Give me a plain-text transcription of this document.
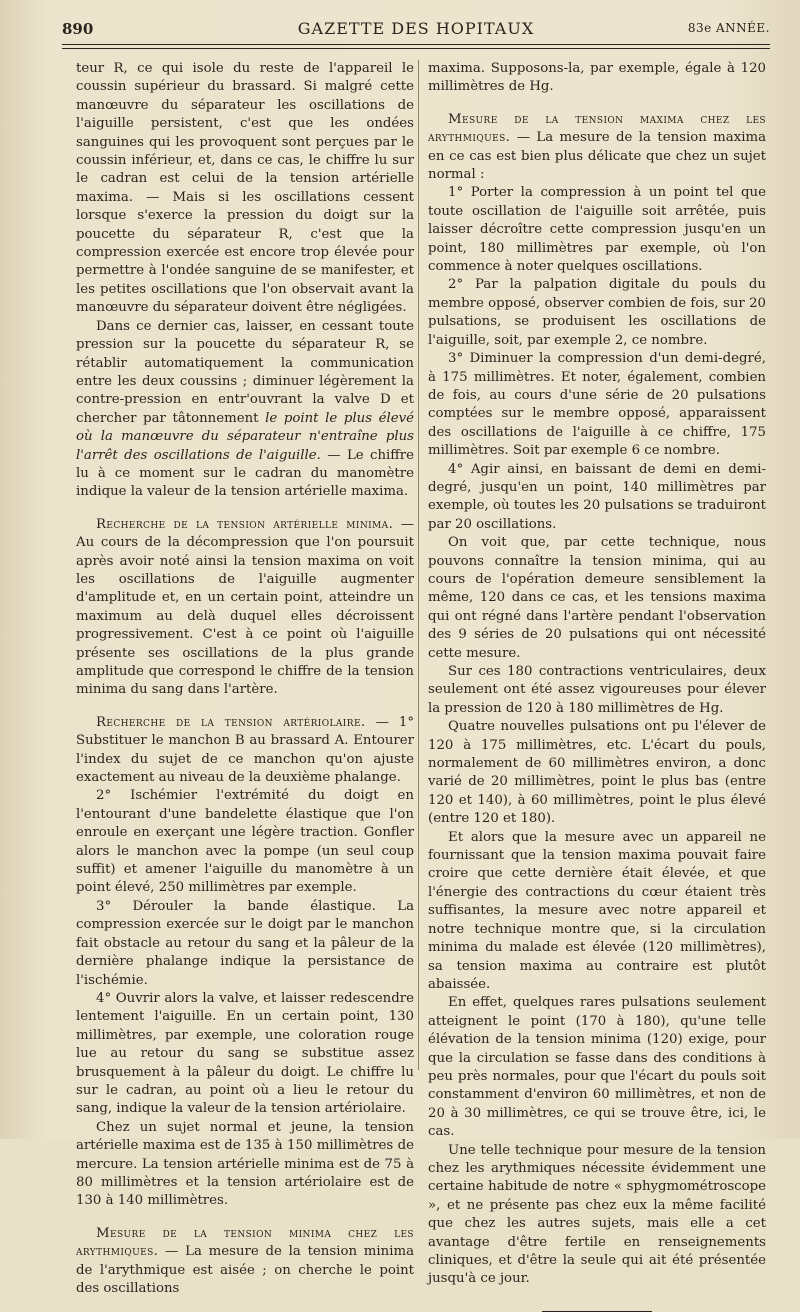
890	GAZETTE DES HOPITAUX	83e ANNÉE.

teur R, ce qui isole du reste de l'appareil le coussin supérieur du brassard. Si malgré cette manœuvre du séparateur les oscillations de l'aiguille persistent, c'est que les ondées sanguines qui les provoquent sont perçues par le coussin inférieur, et, dans ce cas, le chiffre lu sur le cadran est celui de la tension artérielle maxima. — Mais si les oscillations cessent lorsque s'exerce la pression du doigt sur la poucette du séparateur R, c'est que la compression exercée est encore trop élevée pour permettre à l'ondée sanguine de se manifester, et les petites oscillations que l'on observait avant la manœuvre du séparateur doivent être négligées.

Dans ce dernier cas, laisser, en cessant toute pression sur la poucette du séparateur R, se rétablir automatiquement la communication entre les deux coussins ; diminuer légèrement la contre-pression en entr'ouvrant la valve D et chercher par tâtonnement le point le plus élevé où la manœuvre du séparateur n'entraîne plus l'arrêt des oscillations de l'aiguille. — Le chiffre lu à ce moment sur le cadran du manomètre indique la valeur de la tension artérielle maxima.

Recherche de la tension artérielle minima. — Au cours de la décompression que l'on poursuit après avoir noté ainsi la tension maxima on voit les oscillations de l'aiguille augmenter d'amplitude et, en un certain point, atteindre un maximum au delà duquel elles décroissent progressivement. C'est à ce point où l'aiguille présente ses oscillations de la plus grande amplitude que correspond le chiffre de la tension minima du sang dans l'artère.

Recherche de la tension artériolaire. — 1° Substituer le manchon B au brassard A. Entourer l'index du sujet de ce manchon qu'on ajuste exactement au niveau de la deuxième phalange.

2° Ischémier l'extrémité du doigt en l'entourant d'une bandelette élastique que l'on enroule en exerçant une légère traction. Gonfler alors le manchon avec la pompe (un seul coup suffit) et amener l'aiguille du manomètre à un point élevé, 250 millimètres par exemple.

3° Dérouler la bande élastique. La compression exercée sur le doigt par le manchon fait obstacle au retour du sang et la pâleur de la dernière phalange indique la persistance de l'ischémie.

4° Ouvrir alors la valve, et laisser redescendre lentement l'aiguille. En un certain point, 130 millimètres, par exemple, une coloration rouge lue au retour du sang se substitue assez brusquement à la pâleur du doigt. Le chiffre lu sur le cadran, au point où a lieu le retour du sang, indique la valeur de la tension artériolaire.

Chez un sujet normal et jeune, la tension artérielle maxima est de 135 à 150 millimètres de mercure. La tension artérielle minima est de 75 à 80 millimètres et la tension artériolaire est de 130 à 140 millimètres.

Mesure de la tension minima chez les arythmiques. — La mesure de la tension minima de l'arythmique est aisée ; on cherche le point des oscillations

maxima. Supposons-la, par exemple, égale à 120 millimètres de Hg.

Mesure de la tension maxima chez les arythmiques. — La mesure de la tension maxima en ce cas est bien plus délicate que chez un sujet normal :

1° Porter la compression à un point tel que toute oscillation de l'aiguille soit arrêtée, puis laisser décroître cette compression jusqu'en un point, 180 millimètres par exemple, où l'on commence à noter quelques oscillations.

2° Par la palpation digitale du pouls du membre opposé, observer combien de fois, sur 20 pulsations, se produisent les oscillations de l'aiguille, soit, par exemple 2, ce nombre.

3° Diminuer la compression d'un demi-degré, à 175 millimètres. Et noter, également, combien de fois, au cours d'une série de 20 pulsations comptées sur le membre opposé, apparaissent des oscillations de l'aiguille à ce chiffre, 175 millimètres. Soit par exemple 6 ce nombre.

4° Agir ainsi, en baissant de demi en demi-degré, jusqu'en un point, 140 millimètres par exemple, où toutes les 20 pulsations se traduiront par 20 oscillations.

On voit que, par cette technique, nous pouvons connaître la tension minima, qui au cours de l'opération demeure sensiblement la même, 120 dans ce cas, et les tensions maxima qui ont régné dans l'artère pendant l'observation des 9 séries de 20 pulsations qui ont nécessité cette mesure.

Sur ces 180 contractions ventriculaires, deux seulement ont été assez vigoureuses pour élever la pression de 120 à 180 millimètres de Hg.

Quatre nouvelles pulsations ont pu l'élever de 120 à 175 millimètres, etc. L'écart du pouls, normalement de 60 millimètres environ, a donc varié de 20 millimètres, point le plus bas (entre 120 et 140), à 60 millimètres, point le plus élevé (entre 120 et 180).

Et alors que la mesure avec un appareil ne fournissant que la tension maxima pouvait faire croire que cette dernière était élevée, et que l'énergie des contractions du cœur étaient très suffisantes, la mesure avec notre appareil et notre technique montre que, si la circulation minima du malade est élevée (120 millimètres), sa tension maxima au contraire est plutôt abaissée.

En effet, quelques rares pulsations seulement atteignent le point (170 à 180), qu'une telle élévation de la tension minima (120) exige, pour que la circulation se fasse dans des conditions à peu près normales, pour que l'écart du pouls soit constamment d'environ 60 millimètres, et non de 20 à 30 millimètres, ce qui se trouve être, ici, le cas.

Une telle technique pour mesure de la tension chez les arythmiques nécessite évidemment une certaine habitude de notre « sphygmométroscope », et ne présente pas chez eux la même facilité que chez les autres sujets, mais elle a cet avantage d'être fertile en renseignements cliniques, et d'être la seule qui ait été présentée jusqu'à ce jour.
